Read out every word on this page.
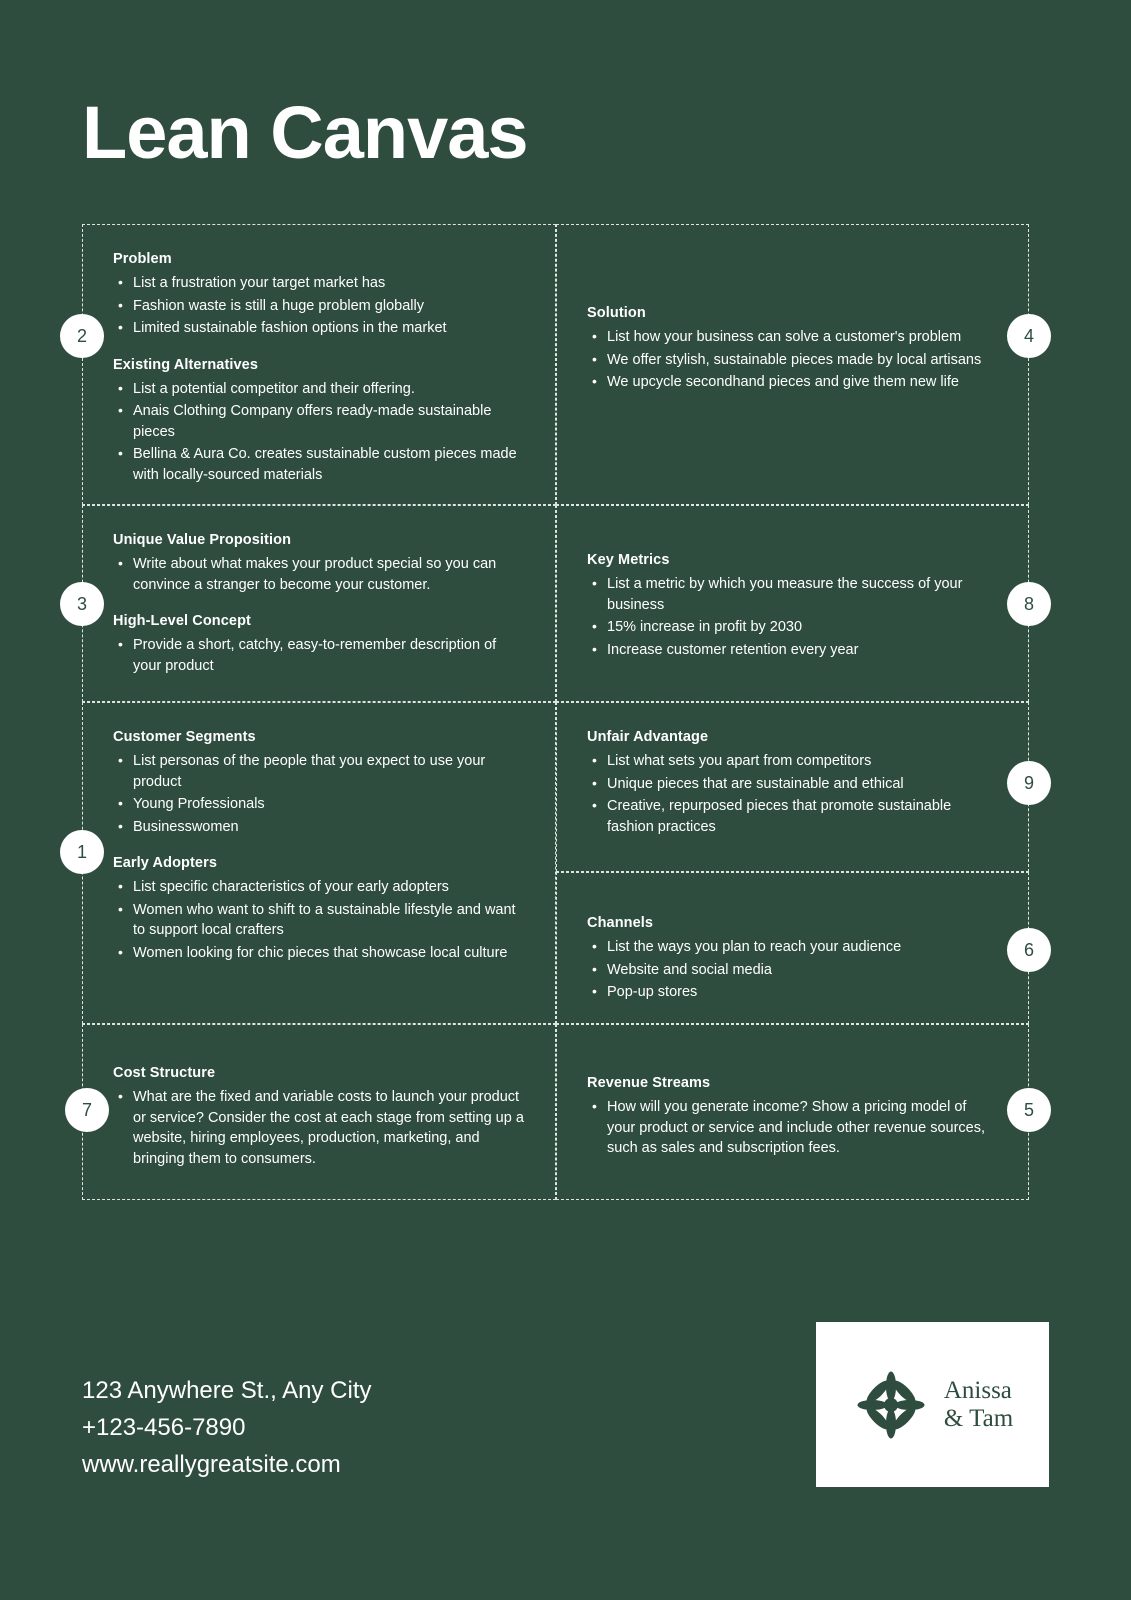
Lean Canvas
Problem
• List a frustration your target market has
• Fashion waste is still a huge problem globally
• Limited sustainable fashion options in the market
Existing Alternatives
• List a potential competitor and their offering.
• Anais Clothing Company offers ready-made sustainable pieces
• Bellina & Aura Co. creates sustainable custom pieces made with locally-sourced materials
Solution
• List how your business can solve a customer's problem
• We offer stylish, sustainable pieces made by local artisans
• We upcycle secondhand pieces and give them new life
Unique Value Proposition
• Write about what makes your product special so you can convince a stranger to become your customer.
High-Level Concept
• Provide a short, catchy, easy-to-remember description of your product
Key Metrics
• List a metric by which you measure the success of your business
• 15% increase in profit by 2030
• Increase customer retention every year
Customer Segments
• List personas of the people that you expect to use your product
• Young Professionals
• Businesswomen
Early Adopters
• List specific characteristics of your early adopters
• Women who want to shift to a sustainable lifestyle and want to support local crafters
• Women looking for chic pieces that showcase local culture
Unfair Advantage
• List what sets you apart from competitors
• Unique pieces that are sustainable and ethical
• Creative, repurposed pieces that promote sustainable fashion practices
Channels
• List the ways you plan to reach your audience
• Website and social media
• Pop-up stores
Cost Structure
• What are the fixed and variable costs to launch your product or service? Consider the cost at each stage from setting up a website, hiring employees, production, marketing, and bringing them to consumers.
Revenue Streams
• How will you generate income? Show a pricing model of your product or service and include other revenue sources, such as sales and subscription fees.
2	4
3	8
1
9
6
7	5
123 Anywhere St., Any City
+123-456-7890
www.reallygreatsite.com
Anissa
& Tam
